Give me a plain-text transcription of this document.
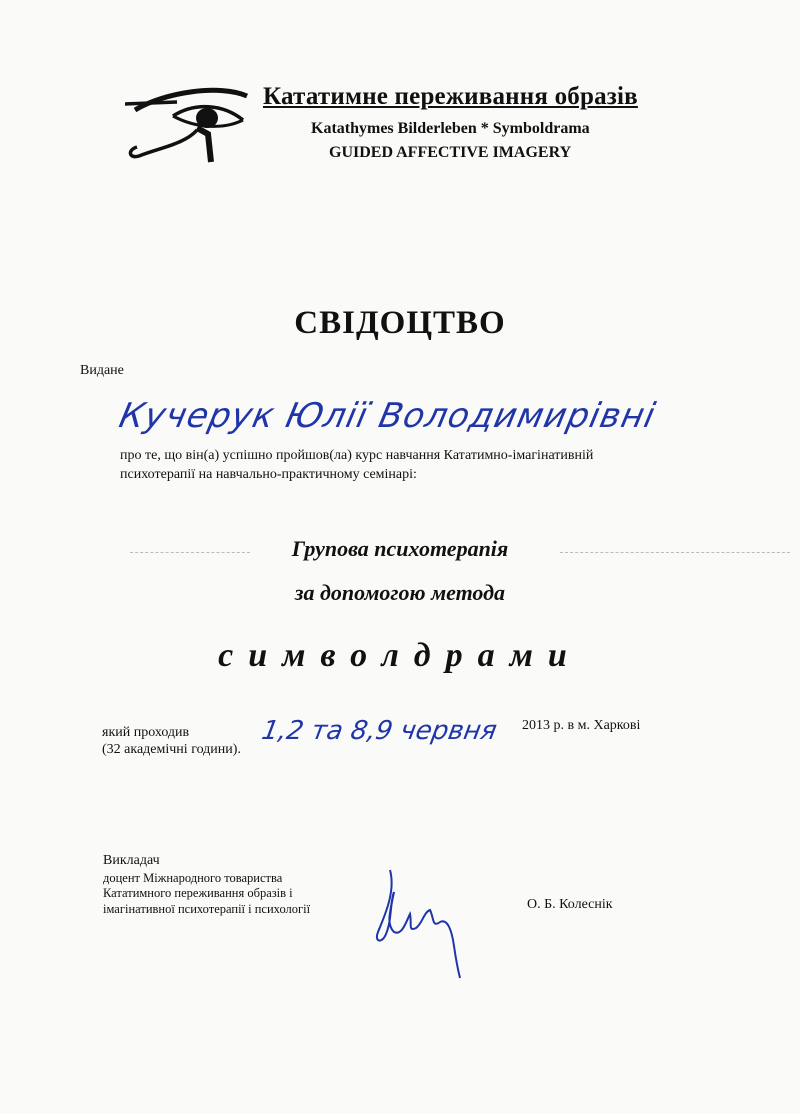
Кататимне переживання образів
Katathymes Bilderleben * Symboldrama
GUIDED AFFECTIVE IMAGERY
СВІДОЦТВО
Видане
Кучерук Юлії Володимирівні
про те, що він(а) успішно пройшов(ла) курс навчання Кататимно-імагінативній
психотерапії на навчально-практичному семінарі:
Групова психотерапія
за допомогою метода
символдрами
який проходив
(32 академічні години).
1,2 та 8,9 червня 2013 р. в м. Харкові
Викладач
доцент Міжнародного товариства
Кататимного переживання образів і
імагінативної психотерапії і психології	О. Б. Колеснік
